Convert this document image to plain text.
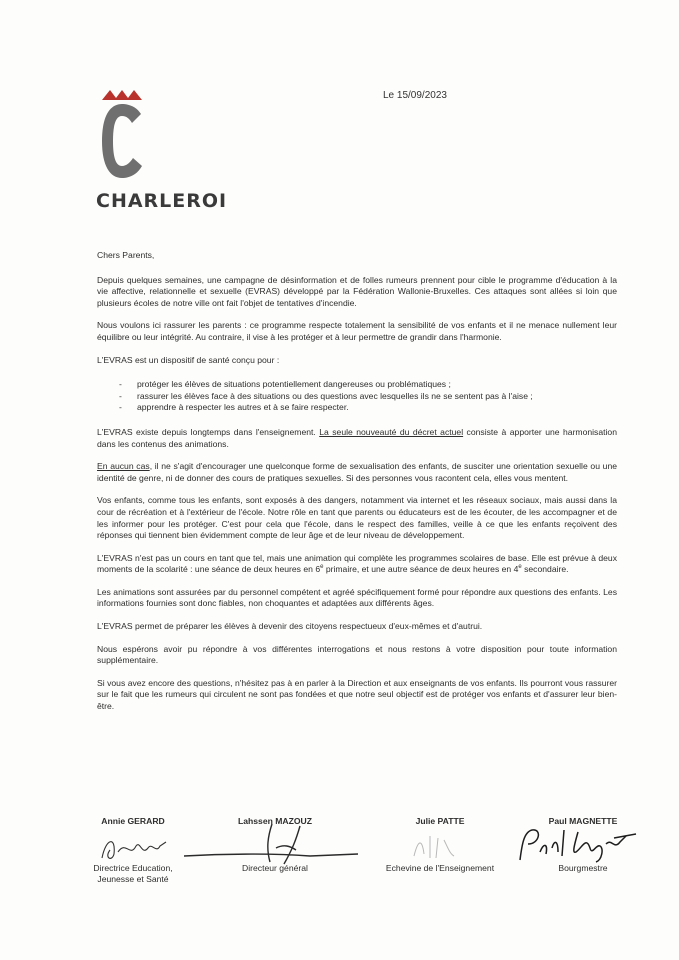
CHARLEROI
Le 15/09/2023

Chers Parents,

Depuis quelques semaines, une campagne de désinformation et de folles rumeurs prennent pour cible le programme d'éducation à la vie affective, relationnelle et sexuelle (EVRAS) développé par la Fédération Wallonie-Bruxelles. Ces attaques sont allées si loin que plusieurs écoles de notre ville ont fait l'objet de tentatives d'incendie.

Nous voulons ici rassurer les parents : ce programme respecte totalement la sensibilité de vos enfants et il ne menace nullement leur équilibre ou leur intégrité. Au contraire, il vise à les protéger et à leur permettre de grandir dans l'harmonie.

L'EVRAS est un dispositif de santé conçu pour :

- protéger les élèves de situations potentiellement dangereuses ou problématiques ;
- rassurer les élèves face à des situations ou des questions avec lesquelles ils ne se sentent pas à l'aise ;
- apprendre à respecter les autres et à se faire respecter.

L'EVRAS existe depuis longtemps dans l'enseignement. La seule nouveauté du décret actuel consiste à apporter une harmonisation dans les contenus des animations.

En aucun cas, il ne s'agit d'encourager une quelconque forme de sexualisation des enfants, de susciter une orientation sexuelle ou une identité de genre, ni de donner des cours de pratiques sexuelles. Si des personnes vous racontent cela, elles vous mentent.

Vos enfants, comme tous les enfants, sont exposés à des dangers, notamment via internet et les réseaux sociaux, mais aussi dans la cour de récréation et à l'extérieur de l'école. Notre rôle en tant que parents ou éducateurs est de les écouter, de les accompagner et de les informer pour les protéger. C'est pour cela que l'école, dans le respect des familles, veille à ce que les enfants reçoivent des réponses qui tiennent bien évidemment compte de leur âge et de leur niveau de développement.

L'EVRAS n'est pas un cours en tant que tel, mais une animation qui complète les programmes scolaires de base. Elle est prévue à deux moments de la scolarité : une séance de deux heures en 6e primaire, et une autre séance de deux heures en 4e secondaire.

Les animations sont assurées par du personnel compétent et agréé spécifiquement formé pour répondre aux questions des enfants. Les informations fournies sont donc fiables, non choquantes et adaptées aux différents âges.

L'EVRAS permet de préparer les élèves à devenir des citoyens respectueux d'eux-mêmes et d'autrui.

Nous espérons avoir pu répondre à vos différentes interrogations et nous restons à votre disposition pour toute information supplémentaire.

Si vous avez encore des questions, n'hésitez pas à en parler à la Direction et aux enseignants de vos enfants. Ils pourront vous rassurer sur le fait que les rumeurs qui circulent ne sont pas fondées et que notre seul objectif est de protéger vos enfants et d'assurer leur bien-être.

Annie GERARD
Directrice Education,
Jeunesse et Santé
Lahssen MAZOUZ
Directeur général
Julie PATTE
Echevine de l'Enseignement
Paul MAGNETTE
Bourgmestre
